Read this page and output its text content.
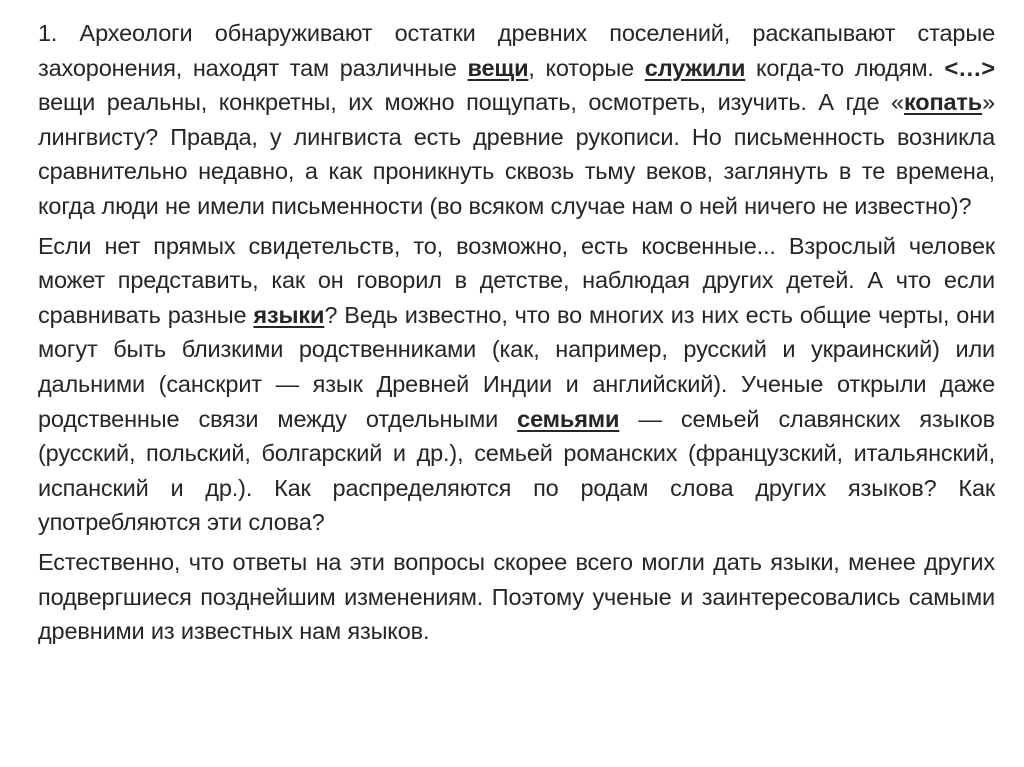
1. Археологи обнаруживают остатки древних поселений, раскапывают старые захоронения, находят там различные вещи, которые служили когда-то людям. <…> вещи реальны, конкретны, их можно пощупать, осмотреть, изучить. А где «копать» лингвисту? Правда, у лингвиста есть древние рукописи. Но письменность возникла сравнительно недавно, а как проникнуть сквозь тьму веков, заглянуть в те времена, когда люди не имели письменности (во всяком случае нам о ней ничего не известно)?

Если нет прямых свидетельств, то, возможно, есть косвенные... Взрослый человек может представить, как он говорил в детстве, наблюдая других детей. А что если сравнивать разные языки? Ведь известно, что во многих из них есть общие черты, они могут быть близкими родственниками (как, например, русский и украинский) или дальними (санскрит — язык Древней Индии и английский). Ученые открыли даже родственные связи между отдельными семьями — семьей славянских языков (русский, польский, болгарский и др.), семьей романских (французский, итальянский, испанский и др.). Как распределяются по родам слова других языков? Как употребляются эти слова?

Естественно, что ответы на эти вопросы скорее всего могли дать языки, менее других подвергшиеся позднейшим изменениям. Поэтому ученые и заинтересовались самыми древними из известных нам языков.
